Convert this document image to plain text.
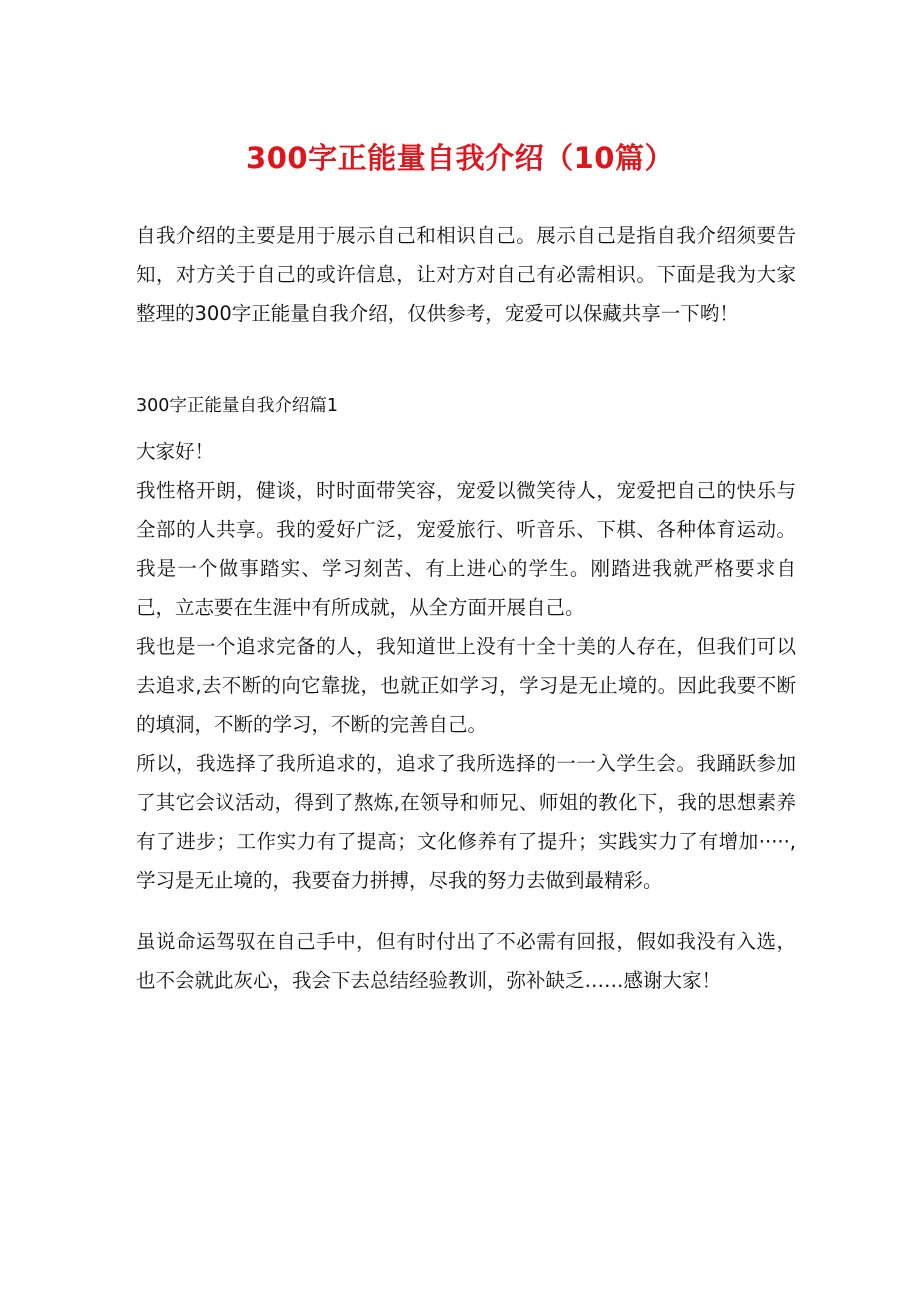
300字正能量自我介绍（10篇）

自我介绍的主要是用于展示自己和相识自己。展示自己是指自我介绍须要告知，对方关于自己的或许信息，让对方对自己有必需相识。下面是我为大家整理的300字正能量自我介绍，仅供参考，宠爱可以保藏共享一下哟！

300字正能量自我介绍篇1

大家好！

我性格开朗，健谈，时时面带笑容，宠爱以微笑待人，宠爱把自己的快乐与全部的人共享。我的爱好广泛，宠爱旅行、听音乐、下棋、各种体育运动。我是一个做事踏实、学习刻苦、有上进心的学生。刚踏进我就严格要求自己，立志要在生涯中有所成就，从全方面开展自己。

我也是一个追求完备的人，我知道世上没有十全十美的人存在，但我们可以去追求,去不断的向它靠拢，也就正如学习，学习是无止境的。因此我要不断的填洞，不断的学习，不断的完善自己。

所以，我选择了我所追求的，追求了我所选择的一一入学生会。我踊跃参加了其它会议活动，得到了熬炼,在领导和师兄、师姐的教化下，我的思想素养有了进步；工作实力有了提高；文化修养有了提升；实践实力了有增加·····,学习是无止境的，我要奋力拼搏，尽我的努力去做到最精彩。

虽说命运驾驭在自己手中，但有时付出了不必需有回报，假如我没有入选，也不会就此灰心，我会下去总结经验教训，弥补缺乏……感谢大家！
